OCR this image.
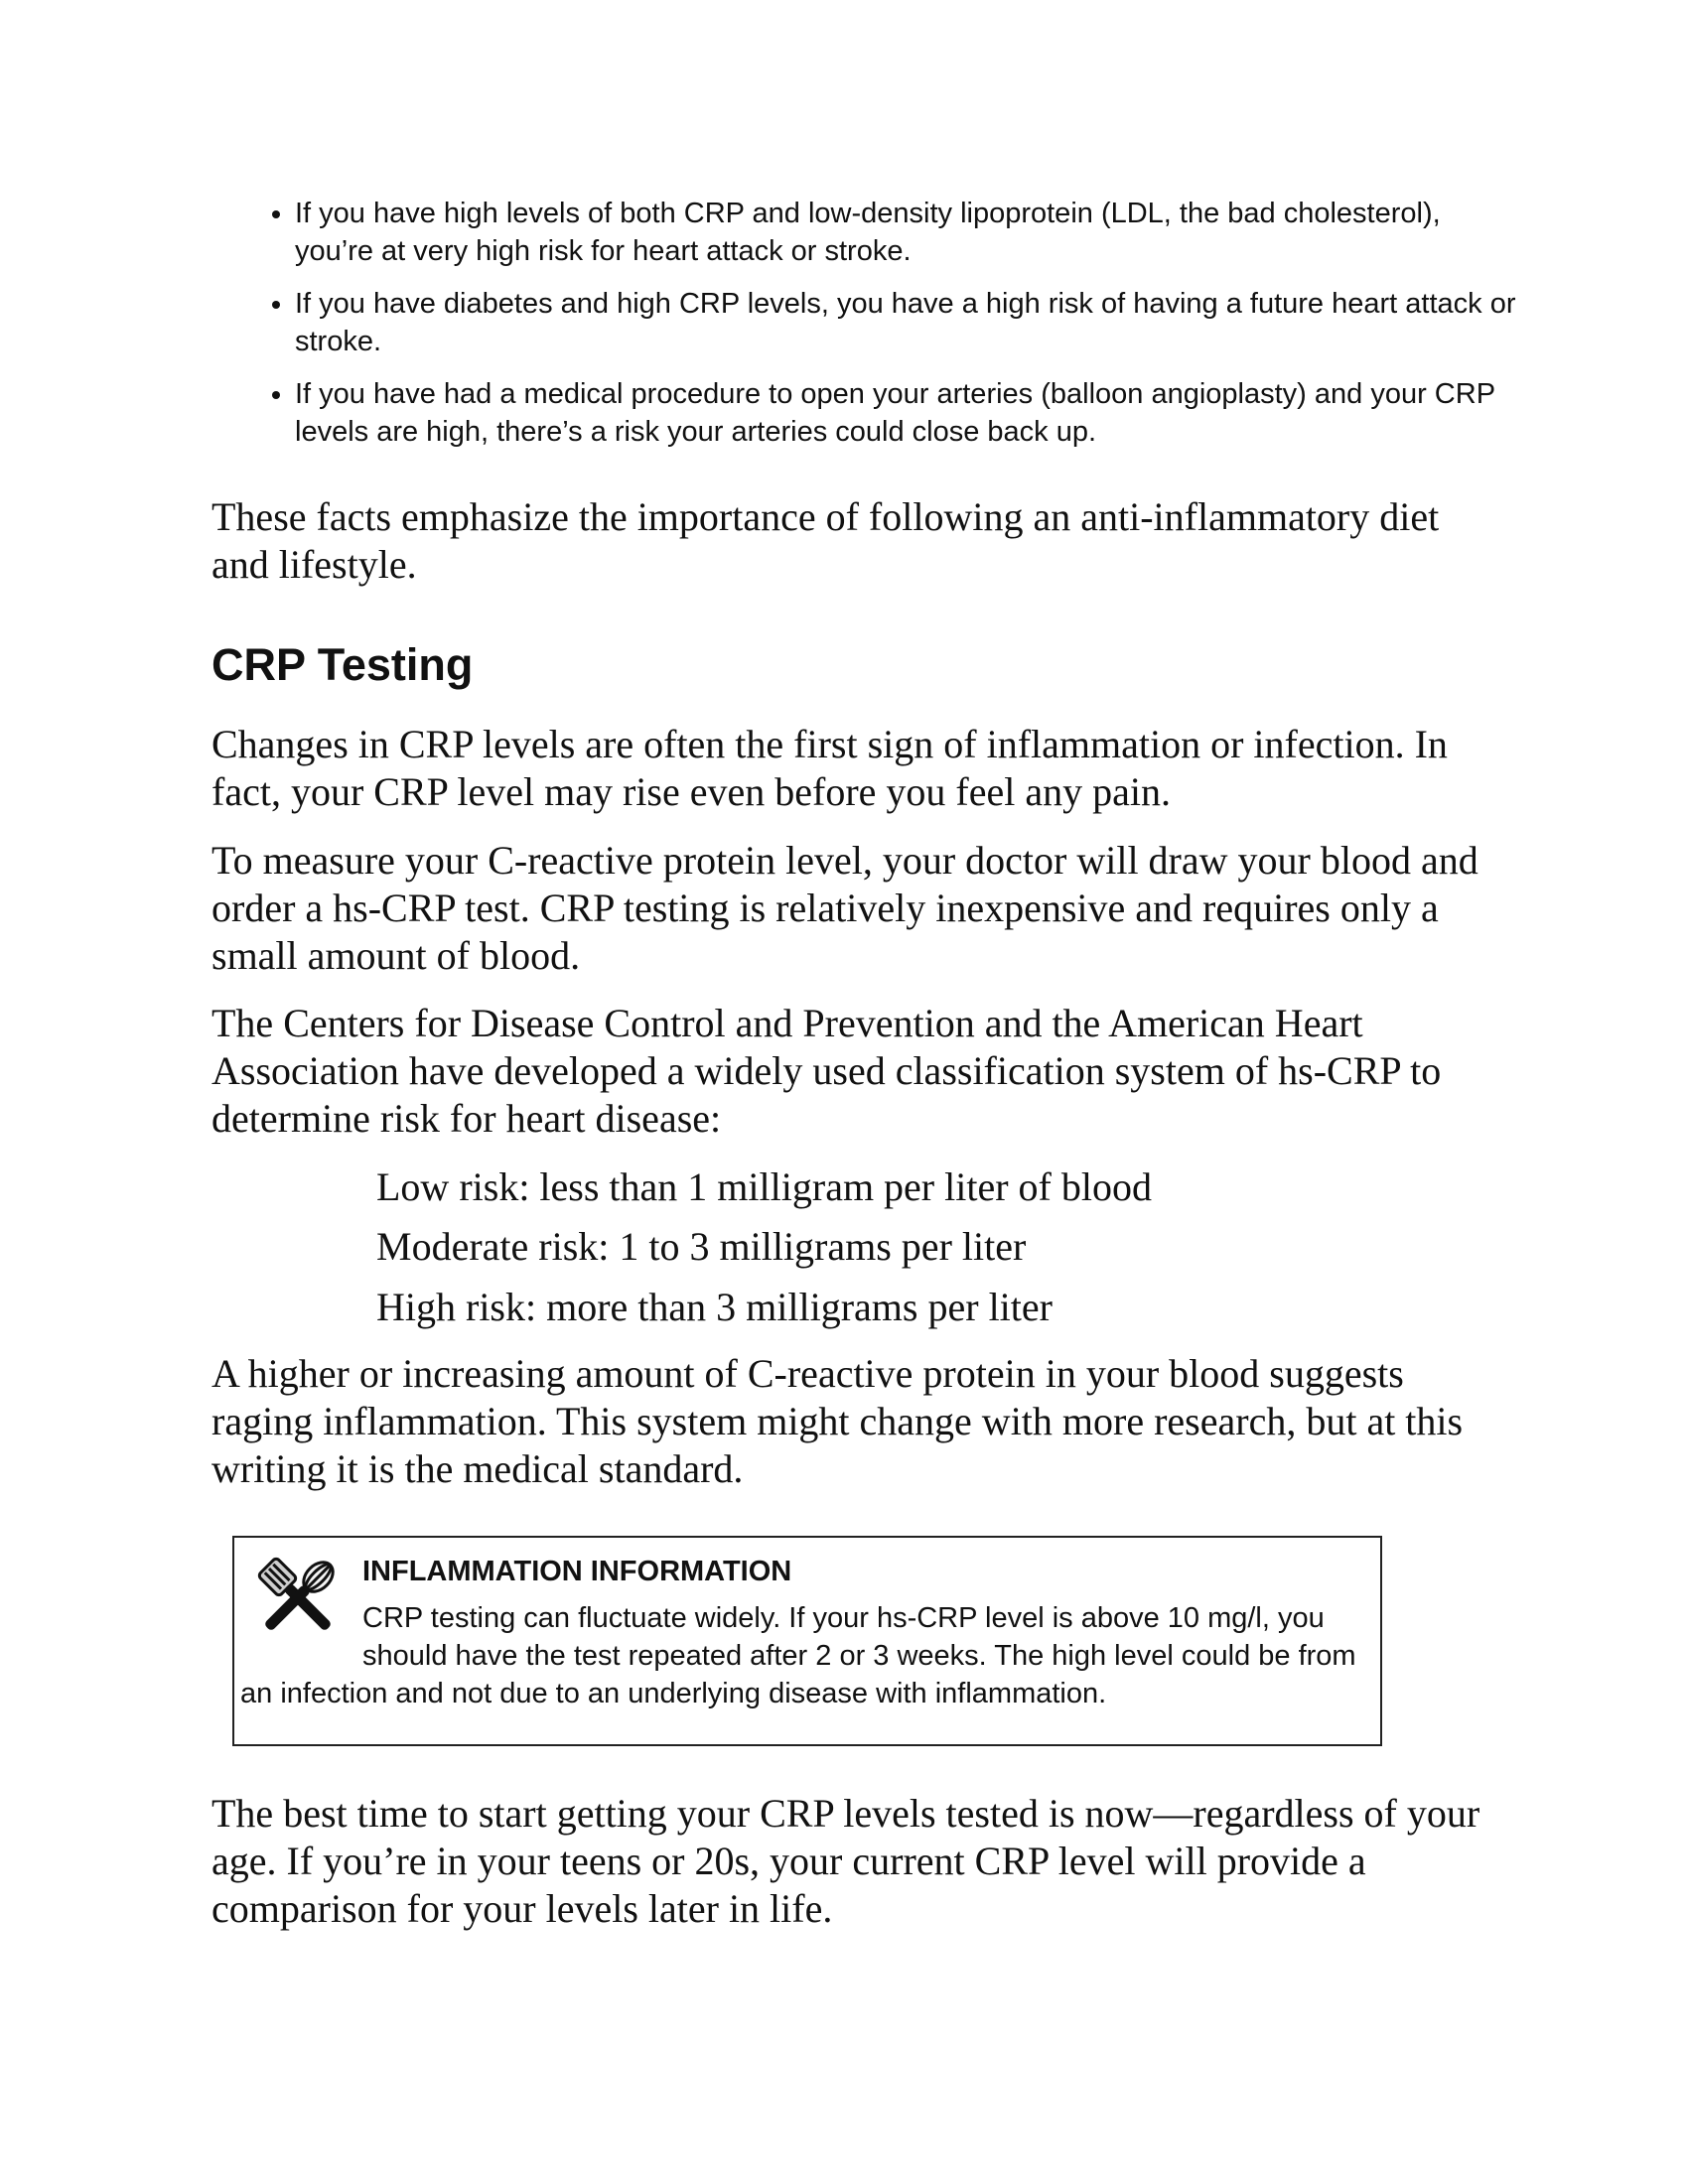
• If you have high levels of both CRP and low-density lipoprotein (LDL, the bad cholesterol), you’re at very high risk for heart attack or stroke.
• If you have diabetes and high CRP levels, you have a high risk of having a future heart attack or stroke.
• If you have had a medical procedure to open your arteries (balloon angioplasty) and your CRP levels are high, there’s a risk your arteries could close back up.

These facts emphasize the importance of following an anti-inflammatory diet and lifestyle.

CRP Testing

Changes in CRP levels are often the first sign of inflammation or infection. In fact, your CRP level may rise even before you feel any pain.

To measure your C-reactive protein level, your doctor will draw your blood and order a hs-CRP test. CRP testing is relatively inexpensive and requires only a small amount of blood.

The Centers for Disease Control and Prevention and the American Heart Association have developed a widely used classification system of hs-CRP to determine risk for heart disease:

Low risk: less than 1 milligram per liter of blood

Moderate risk: 1 to 3 milligrams per liter

High risk: more than 3 milligrams per liter

A higher or increasing amount of C-reactive protein in your blood suggests raging inflammation. This system might change with more research, but at this writing it is the medical standard.

INFLAMMATION INFORMATION

CRP testing can fluctuate widely. If your hs-CRP level is above 10 mg/l, you should have the test repeated after 2 or 3 weeks. The high level could be from an infection and not due to an underlying disease with inflammation.

The best time to start getting your CRP levels tested is now—regardless of your age. If you’re in your teens or 20s, your current CRP level will provide a comparison for your levels later in life.
